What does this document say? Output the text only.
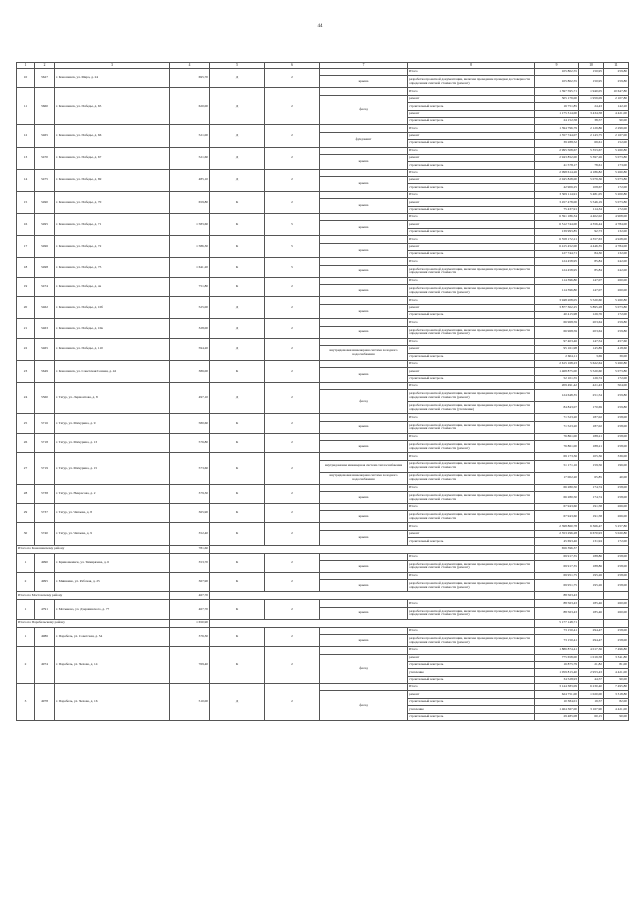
44
1	2	3	4	5	6	7	8	9	10	11
10	5627	г. Коношевск, ул. Мира, д. 24	695,70	Д	2		Итого	105 802,55	150,95	259,80
						крыша	разработка проектной документации, включая проведение проверки достоверности определения сметной стоимости (ремонт)	105 802,55	150,95	259,80
11	5660	г. Коношевск, ул. Победы, д. 65	620,00	Д	2		Итого	1 397 595,71	1 940,05	10 647,80
						фасад	ремонт	505 179,00	1 959,09	2 107,80
							строительный контроль	16 751,85	24,43	142,20
							ремонт	1 175 314,00	3 434,58	4 421,00
							строительный контроль	24 152,58	38,57	90,00
12	5465	г. Коношевск, ул. Победы, д. 66	521,00	Д	2		Итого	1 394 796,79	2 129,86	2 299,00
						фундамент	ремонт	1 357 744,07	2 143,75	2 167,00
							строительный контроль	39 288,52	69,61	152,00
13	5470	г. Коношевск, ул. Победы, д. 67	521,60	Д	2		Итого	2 995 508,67	5 353,67	5 260,80
						крыша	ремонт	2 943 852,00	5 397,26	5 073,80
							строительный контроль	41 578,17	78,61	173,00
14	5475	г. Коношевск, ул. Победы, д. 69	485,10	Д	2		Итого	2 098 614,26	4 186,82	5 260,80
						крыша	ремонт	2 045 828,00	5 079,36	5 073,80
							строительный контроль	42 906,25	108,67	172,00
15	5490	г. Коношевск, ул. Победы, д. 70	659,80	К	2		Итого	3 509 114,91	5 481,05	5 200,80
						крыша	ремонт	3 457 478,00	5 546,19	5 073,80
							строительный контроль	75 437,91	114,34	172,00
16	5495	г. Коношевск, ул. Победы, д. 71	1 583,60	К	5		Итого	6 591 186,34	4 402,02	4 908,00
						крыша	ремонт	6 512 744,00	4 356,44	4 784,00
							строительный контроль	139 993,85	92,73	132,00
17	5496	г. Коношевск, ул. Победы, д. 72	1 586,30	К	5		Итого	6 558 172,21	4 357,63	4 928,00
						крыша	ремонт	6 415 452,00	4 446,35	4 784,00
							строительный контроль	127 744,71	84,30	132,00
18	5498	г. Коношевск, ул. Победы, д. 75	1 641,20	К	5		Итого	124 458,95	85,84	242,00
						крыша	разработка проектной документации, включая проведение проверки достоверности определения сметной стоимости	124 458,95	85,84	242,00
19	5474	г. Коношевск, ул. Победы, д. 4а	751,80	К	2		Итого	114 396,80	147,07	260,00
						крыша	разработка проектной документации, включая проведение проверки достоверности определения сметной стоимости (ремонт)	114 396,80	147,07	260,00
20	5462	г. Коношевск, ул. Победы, д. 10б	525,00	Д	2		Итого	3 948 208,05	5 520,60	5 260,80
						крыша	ремонт	3 877 302,25	5 895,28	5 073,80
							строительный контроль	40 415,98	126,76	172,00
21	5463	г. Коношевск, ул. Победы, д. 10в	328,00	Д	2		Итого	66 968,59	203,64	259,80
						крыша	разработка проектной документации, включая проведение проверки достоверности определения сметной стоимости (ремонт)	66 968,59	203,64	259,80
22	5465	г. Коношевск, ул. Победы, д. 110	594,20	Д	2		Итого	97 403,46	147,54	457,60
						внутридомовая инженерная система холодного водоснабжения	ремонт	95 161,98	145,89	418,60
							строительный контроль	2 604,11	3,69	39,00
23	5649	г. Коношевск, ул. Советская/Сенная, д. 42	386,00	К	2		Итого	2 615 168,23	5 622,64	5 260,80
						крыша	ремонт	1 468 875,00	5 520,60	5 073,80
							строительный контроль	52 101,55	126,74	172,00
24	5560	г. Татур, ул. Лермонтова, д. 8	497,10	Д	2		Итого	209 491,42	421,43	504,00
						фасад	разработка проектной документации, включая проведение проверки достоверности определения сметной стоимости (ремонт)	124 648,35	251,54	259,80
							разработка проектной документации, включая проведение проверки достоверности определения сметной стоимости (утепление)	84 843,07	170,69	259,80
25	5716	г. Татур, ул. Мичурина, д. 9	580,60	К	2		Итого	71 523,20	187,02	258,00
						крыша	разработка проектной документации, включая проведение проверки достоверности определения сметной стоимости	71 523,20	187,02	258,00
26	5718	г. Татур, ул. Мичурина, д. 13	576,80	К	2		Итого	76 861,00	188,21	258,00
						крыша	разработка проектной документации, включая проведение проверки достоверности определения сметной стоимости (ремонт)	76 861,00	188,21	258,00
27	5719	г. Татур, ул. Мичурина, д. 15	573,60	К	2		Итого	69 173,36	105,36	336,00
						внутридомовая инженерная система теплоснабжения	разработка проектной документации, включая проведение проверки достоверности определения сметной стоимости	51 171,16	159,56	196,00
						внутридомовая инженерная система холодного водоснабжения	разработка проектной документации, включая проведение проверки достоверности определения сметной стоимости	17 002,20	65,85	40,00
28	5738	г. Татур, ул. Некрасова, д. 2	379,30	К	2		Итого	66 280,50	174,74	258,00
						крыша	разработка проектной документации, включая проведение проверки достоверности определения сметной стоимости	66 280,50	174,74	258,00
29	5737	г. Татур, ул. Чапаева, д. 8	365,90	К	2		Итого	67 943,60	191,58	266,00
						крыша	разработка проектной документации, включая проведение проверки достоверности определения сметной стоимости	67 943,60	191,58	266,00
30	5740	г. Татур, ул. Чапаева, д. 9	352,40	К	2		Итого	2 398 860,78	6 366,47	5 257,80
						крыша	ремонт	2 353 296,28	6 670,93	5 020,80
							строительный контроль	45 693,46	131,94	172,00
Итого по Коношевскому району			781,60					656 396,37		
1	4990	г. Кривошеинск, ул. Тимирязева, д. 6	353,70	К	2		Итого	69 917,35	188,86	258,00
						крыша	разработка проектной документации, включая проведение проверки достоверности определения сметной стоимости (ремонт)	69 917,35	188,86	258,00
2	4995	г. Мишкино, ул. Рабочая, д. 25	367,90	К	2		Итого	69 951,75	195,26	258,00
						крыша	разработка проектной документации, включая проведение проверки достоверности определения сметной стоимости (ремонт)	69 951,75	195,26	258,00
Итого по Мостовскому району			467,70					88 563,43		
1	4791	г. Мотыково, ул. Дзержинского, д. 77	467,70	К	2		Итого	88 563,43	185,46	260,00
						крыша	разработка проектной документации, включая проведение проверки достоверности определения сметной стоимости (ремонт)	88 563,43	185,46	260,00
Итого по Парабельскому району			1 650,90					5 177 148,71		
1	4986	г. Парабель, ул. Советская, д. 54	376,30	К	2		Итого	73 150,41	294,47	258,00
						крыша	разработка проектной документации, включая проведение проверки достоверности определения сметной стоимости (ремонт)	73 150,41	294,47	258,00
2	4974	г. Парабель, ул. Чехова, д. 14	769,40	К	2		Итого	1 886 874,41	4 017,36	7 496,80
						фасад	ремонт	775 658,00	1 019,58	3 341,80
							строительный контроль	16 875,79	21,82	81,00
							утепление	1 059 813,40	2 953,43	4 421,00
							строительный контроль	34 528,93	44,57	90,00
3	4978	г. Парабель, ул. Чехова, д. 16	510,00	Д	2		Итого	3 144 383,09	6 230,40	7 495,80
						фасад	ремонт	624 751,00	1 020,00	3 318,80
							строительный контроль	10 384,01	19,57	82,00
							утепление	1 464 367,00	3 167,90	4 421,00
							строительный контроль	29 485,08	60,15	90,00
